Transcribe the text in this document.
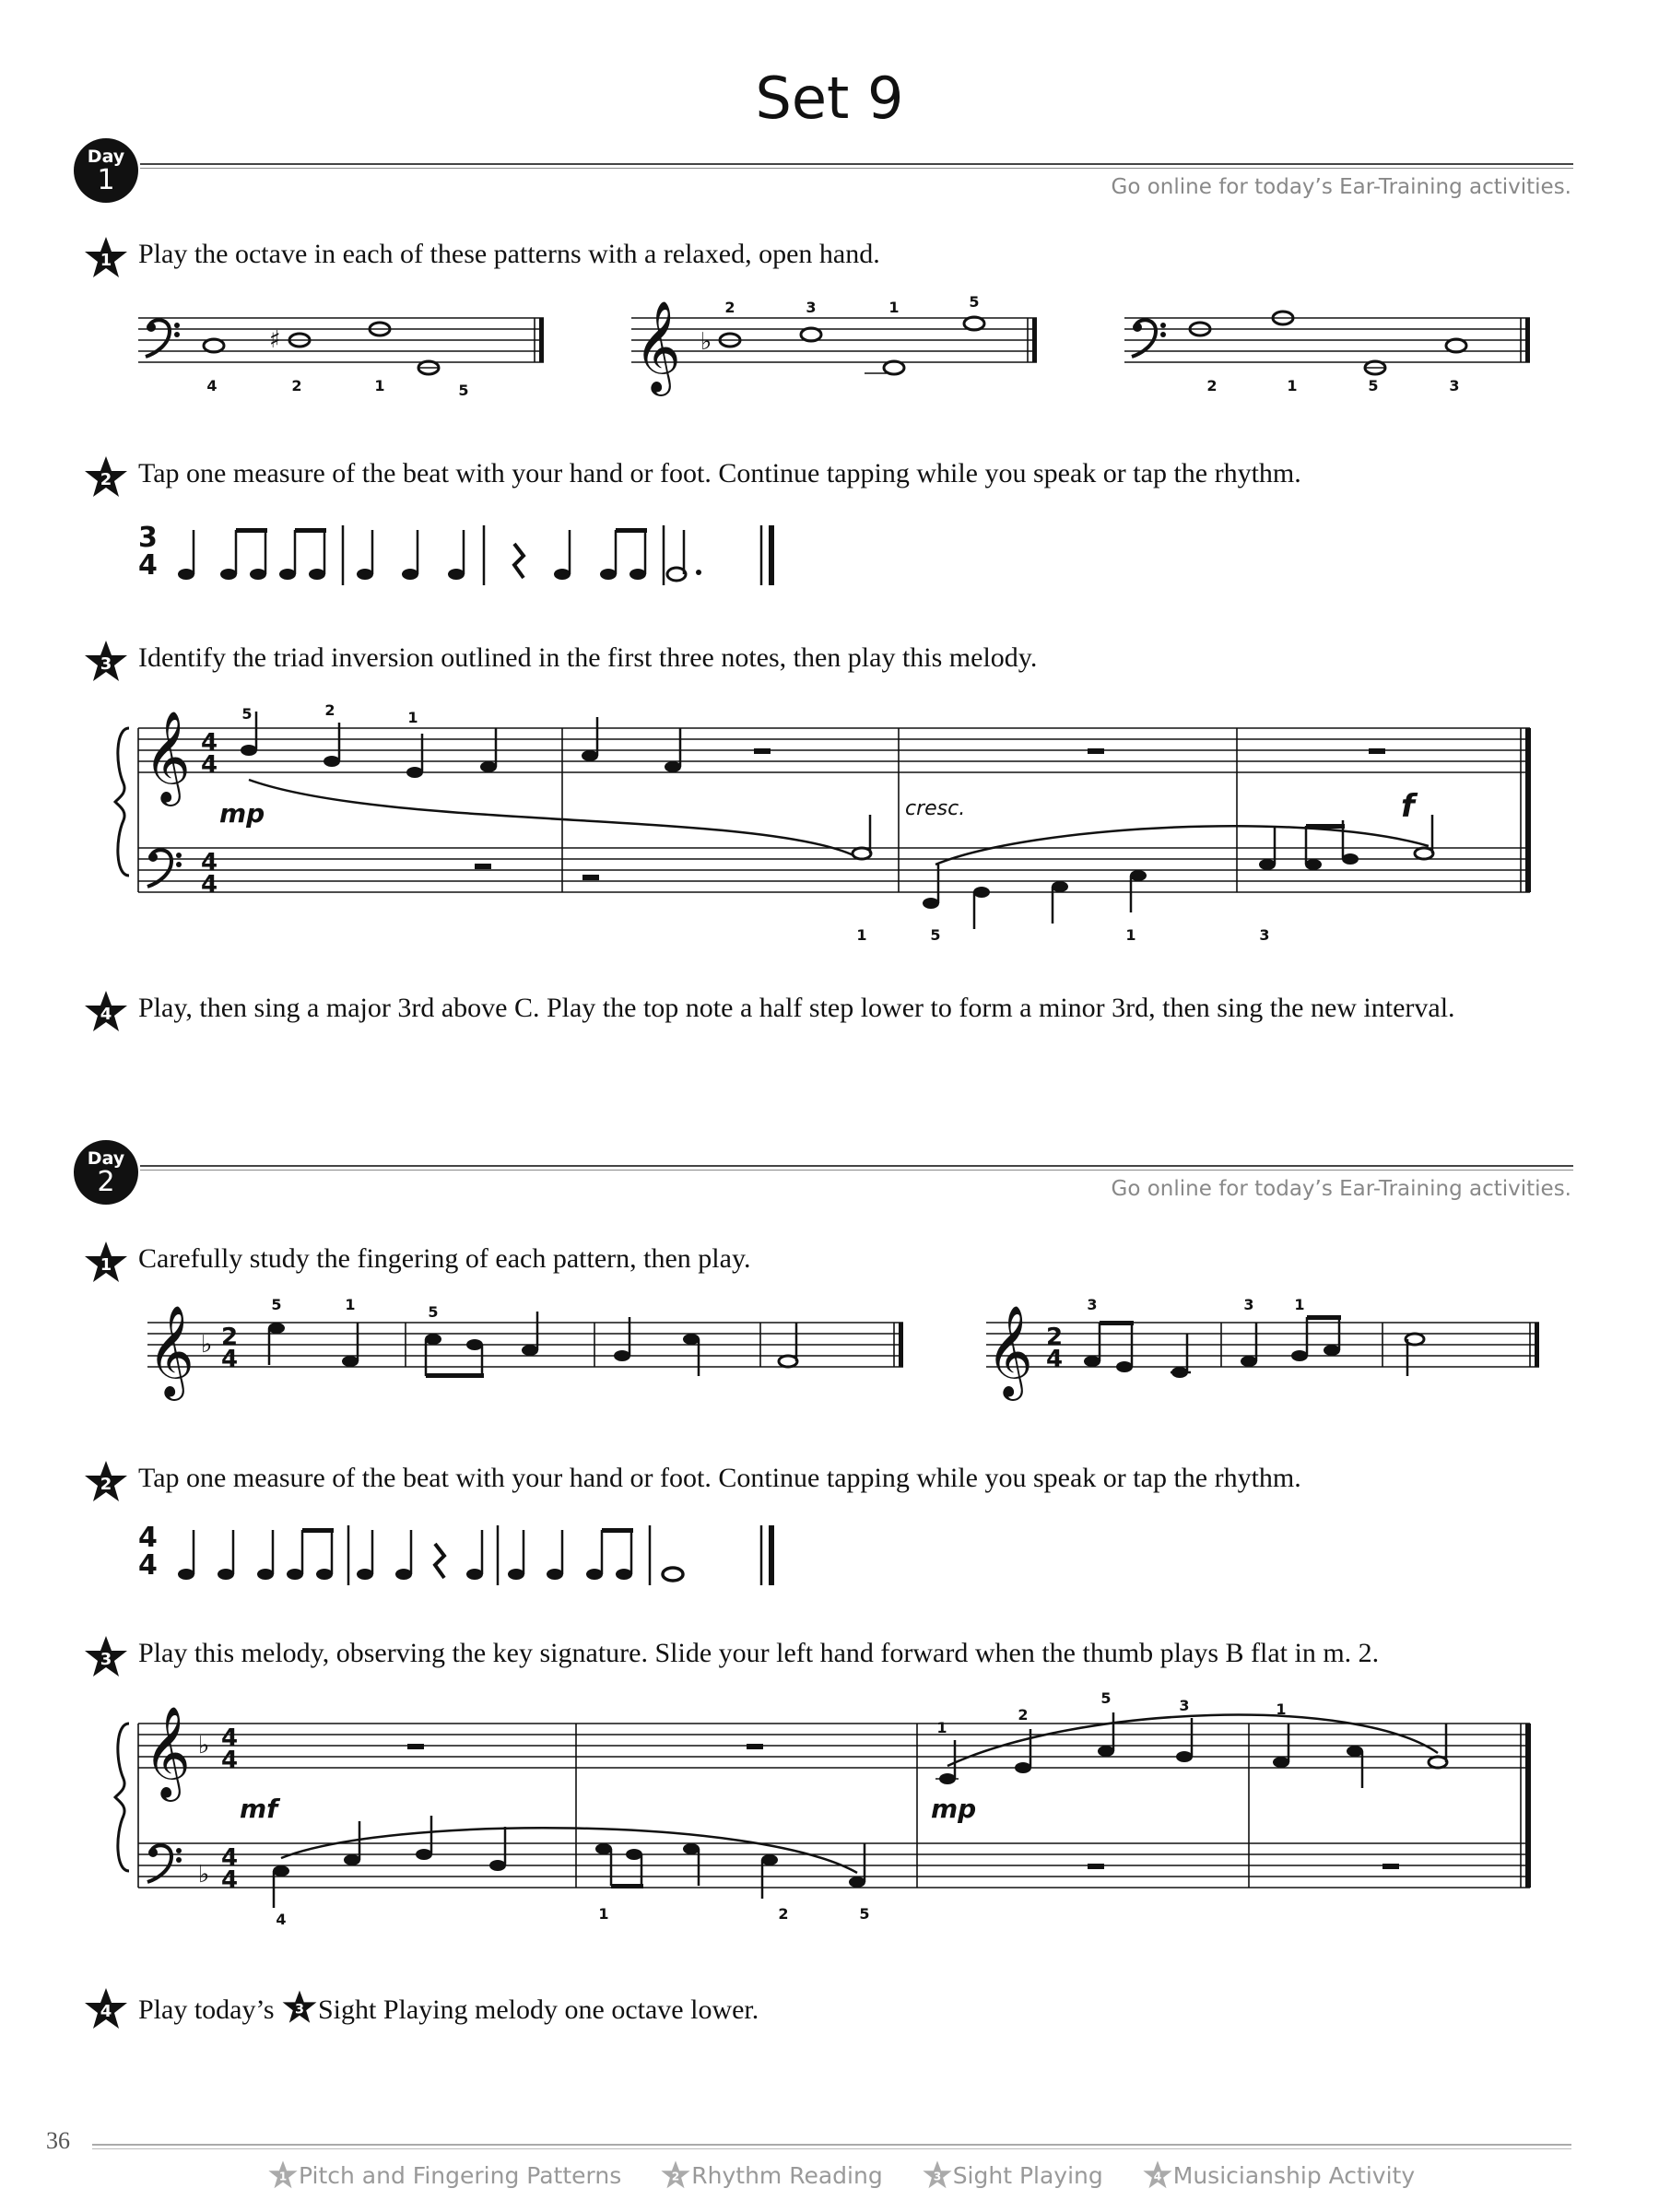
Set 9
Day
1	Go online for today’s Ear-Training activities.
1 Play the octave in each of these patterns with a relaxed, open hand.
♯	𝄞 ♭
4	2	1	5
2	3	1	5
2	1	5	3
2 Tap one measure of the beat with your hand or foot. Continue tapping while you speak or tap the rhythm.
3
4
3 Identify the triad inversion outlined in the first three notes, then play this melody.
𝄞 4
4
4
4
mp	cresc.	f
5	2	1
1	5	1	3
4 Play, then sing a major 3rd above C. Play the top note a half step lower to form a minor 3rd, then sing the new interval.
Day
2	Go online for today’s Ear-Training activities.
1 Carefully study the fingering of each pattern, then play.
𝄞 ♭ 2
4	𝄞 2
4
5	1	5	3	3	1
2 Tap one measure of the beat with your hand or foot. Continue tapping while you speak or tap the rhythm.
4
4
3 Play this melody, observing the key signature. Slide your left hand forward when the thumb plays B flat in m. 2.
𝄞 ♭
♭
4
4
4
4
mf	mp
1
2
5	3	1
4	1	2	5
4 Play today’s 3 Sight Playing melody one octave lower.
36
1 Pitch and Fingering Patterns	2 Rhythm Reading	3 Sight Playing	4 Musicianship Activity
